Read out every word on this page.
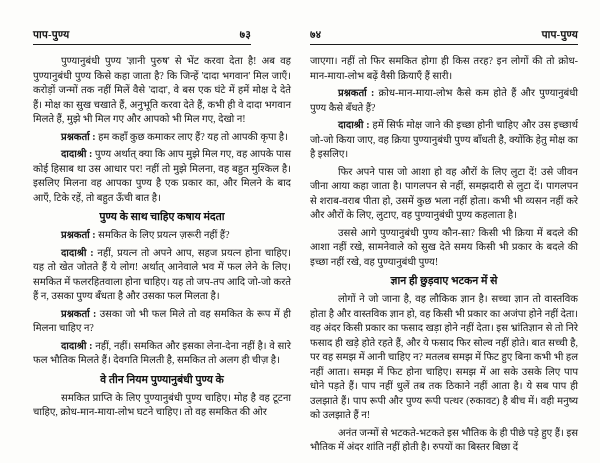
पाप-पुण्य	७३

पुण्यानुबंधी पुण्य 'ज्ञानी पुरुष' से भेंट करवा देता है! अब वह पुण्यानुबंधी पुण्य किसे कहा जाता है? कि जिन्हें 'दादा भगवान' मिल जाएँ। करोड़ों जन्मों तक नहीं मिलें वैसे 'दादा', वे बस एक घंटे में हमें मोक्ष दे देते हैं। मोक्ष का सुख चखाते हैं, अनुभूति करवा देते हैं, कभी ही वे दादा भगवान मिलते हैं, मुझे भी मिल गए और आपको भी मिल गए, देखो न!

प्रश्नकर्ता : हम कहाँ कुछ कमाकर लाए हैं? यह तो आपकी कृपा है।

दादाश्री : पुण्य अर्थात् क्या कि आप मुझे मिल गए, वह आपके पास कोई हिसाब था उस आधार पर! नहीं तो मुझे मिलना, वह बहुत मुश्किल है। इसलिए मिलना वह आपका पुण्य है एक प्रकार का, और मिलने के बाद आएँ, टिके रहें, तो बहुत ऊँची बात है।

पुण्य के साथ चाहिए कषाय मंदता

प्रश्नकर्ता : समकित के लिए प्रयत्न ज़रूरी नहीं हैं?

दादाश्री : नहीं, प्रयत्न तो अपने आप, सहज प्रयत्न होना चाहिए। यह तो खेत जोतते हैं ये लोग! अर्थात् आनेवाले भव में फल लेने के लिए। समकित में फलरहितवाला होना चाहिए। यह तो जप-तप आदि जो-जो करते हैं न, उसका पुण्य बँधता है और उसका फल मिलता है।

प्रश्नकर्ता : उसका जो भी फल मिले तो वह समकित के रूप में ही मिलना चाहिए न?

दादाश्री : नहीं, नहीं। समकित और इसका लेना-देना नहीं है। वे सारे फल भौतिक मिलते हैं। देवगति मिलती है, समकित तो अलग ही चीज़ है।

वे तीन नियम पुण्यानुबंधी पुण्य के

समकित प्राप्ति के लिए पुण्यानुबंधी पुण्य चाहिए। मोह है वह टूटना चाहिए, क्रोध-मान-माया-लोभ घटने चाहिए। तो वह समकित की ओर

७४	पाप-पुण्य

जाएगा। नहीं तो फिर समकित होगा ही किस तरह? इन लोगों की तो क्रोध-मान-माया-लोभ बढ़ें वैसी क्रियाएँ हैं सारी।

प्रश्नकर्ता : क्रोध-मान-माया-लोभ कैसे कम होते हैं और पुण्यानुबंधी पुण्य कैसे बँधते हैं?

दादाश्री : हमें सिर्फ मोक्ष जाने की इच्छा होनी चाहिए और उस इच्छार्थ जो-जो किया जाए, वह क्रिया पुण्यानुबंधी पुण्य बाँधती है, क्योंकि हेतु मोक्ष का है इसलिए।

फिर अपने पास जो आशा हो वह औरों के लिए लुटा दें! उसे जीवन जीना आया कहा जाता है। पागलपन से नहीं, समझदारी से लुटा दें। पागलपन से शराब-वराब पीता हो, उसमें कुछ भला नहीं होता। कभी भी व्यसन नहीं करे और औरों के लिए, लुटाए, वह पुण्यानुबंधी पुण्य कहलाता है।

उससे आगे पुण्यानुबंधी पुण्य कौन-सा? किसी भी क्रिया में बदले की आशा नहीं रखे, सामनेवाले को सुख देते समय किसी भी प्रकार के बदले की इच्छा नहीं रखे, वह पुण्यानुबंधी पुण्य!

ज्ञान ही छुड़वाए भटकन में से

लोगों ने जो जाना है, वह लौकिक ज्ञान है। सच्चा ज्ञान तो वास्तविक होता है और वास्तविक ज्ञान हो, वह किसी भी प्रकार का अजंपा होने नहीं देता। वह अंदर किसी प्रकार का फसाद खड़ा होने नहीं देता। इस भ्रांतिज्ञान से तो निरे फसाद ही खड़े होते रहते हैं, और ये फसाद फिर सोल्व नहीं होते। बात सच्ची है, पर वह समझ में आनी चाहिए न? मतलब समझ में फिट हुए बिना कभी भी हल नहीं आता। समझ में फिट होना चाहिए। समझ में आ सके उसके लिए पाप धोने पड़ते हैं। पाप नहीं धुलें तब तक ठिकाने नहीं आता है। ये सब पाप ही उलझाते हैं। पाप रूपी और पुण्य रूपी पत्थर (रुकावट) है बीच में। वही मनुष्य को उलझाते हैं न!

अनंत जन्मों से भटकते-भटकते इस भौतिक के ही पीछे पड़े हुए हैं। इस भौतिक में अंदर शांति नहीं होती है। रुपयों का बिस्तर बिछा दें
